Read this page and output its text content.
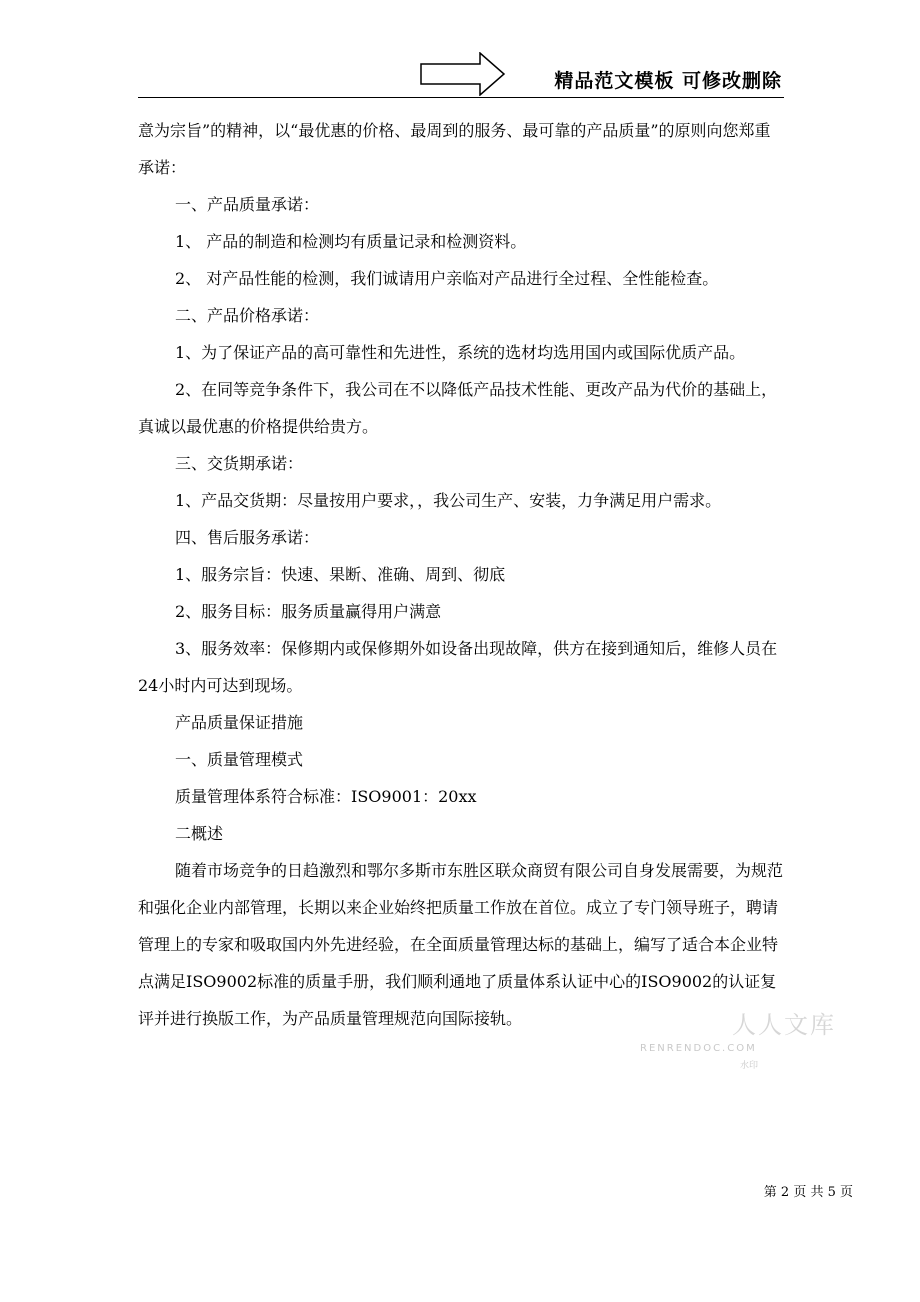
精品范文模板 可修改删除

意为宗旨”的精神，以“最优惠的价格、最周到的服务、最可靠的产品质量”的原则向您郑重承诺：

一、产品质量承诺：

1、 产品的制造和检测均有质量记录和检测资料。

2、 对产品性能的检测，我们诚请用户亲临对产品进行全过程、全性能检查。

二、产品价格承诺：

1、为了保证产品的高可靠性和先进性，系统的选材均选用国内或国际优质产品。

2、在同等竞争条件下，我公司在不以降低产品技术性能、更改产品为代价的基础上，真诚以最优惠的价格提供给贵方。

三、交货期承诺：

1、产品交货期：尽量按用户要求，，我公司生产、安装，力争满足用户需求。

四、售后服务承诺：

1、服务宗旨：快速、果断、准确、周到、彻底

2、服务目标：服务质量赢得用户满意

3、服务效率：保修期内或保修期外如设备出现故障，供方在接到通知后，维修人员在24小时内可达到现场。

产品质量保证措施

一、质量管理模式

质量管理体系符合标准：ISO9001：20xx

二概述

随着市场竞争的日趋激烈和鄂尔多斯市东胜区联众商贸有限公司自身发展需要，为规范和强化企业内部管理，长期以来企业始终把质量工作放在首位。成立了专门领导班子，聘请管理上的专家和吸取国内外先进经验，在全面质量管理达标的基础上，编写了适合本企业特点满足ISO9002标准的质量手册，我们顺利通地了质量体系认证中心的ISO9002的认证复评并进行换版工作，为产品质量管理规范向国际接轨。	人人文库
RENRENDOC.COM
水印
第 2 页 共 5 页
